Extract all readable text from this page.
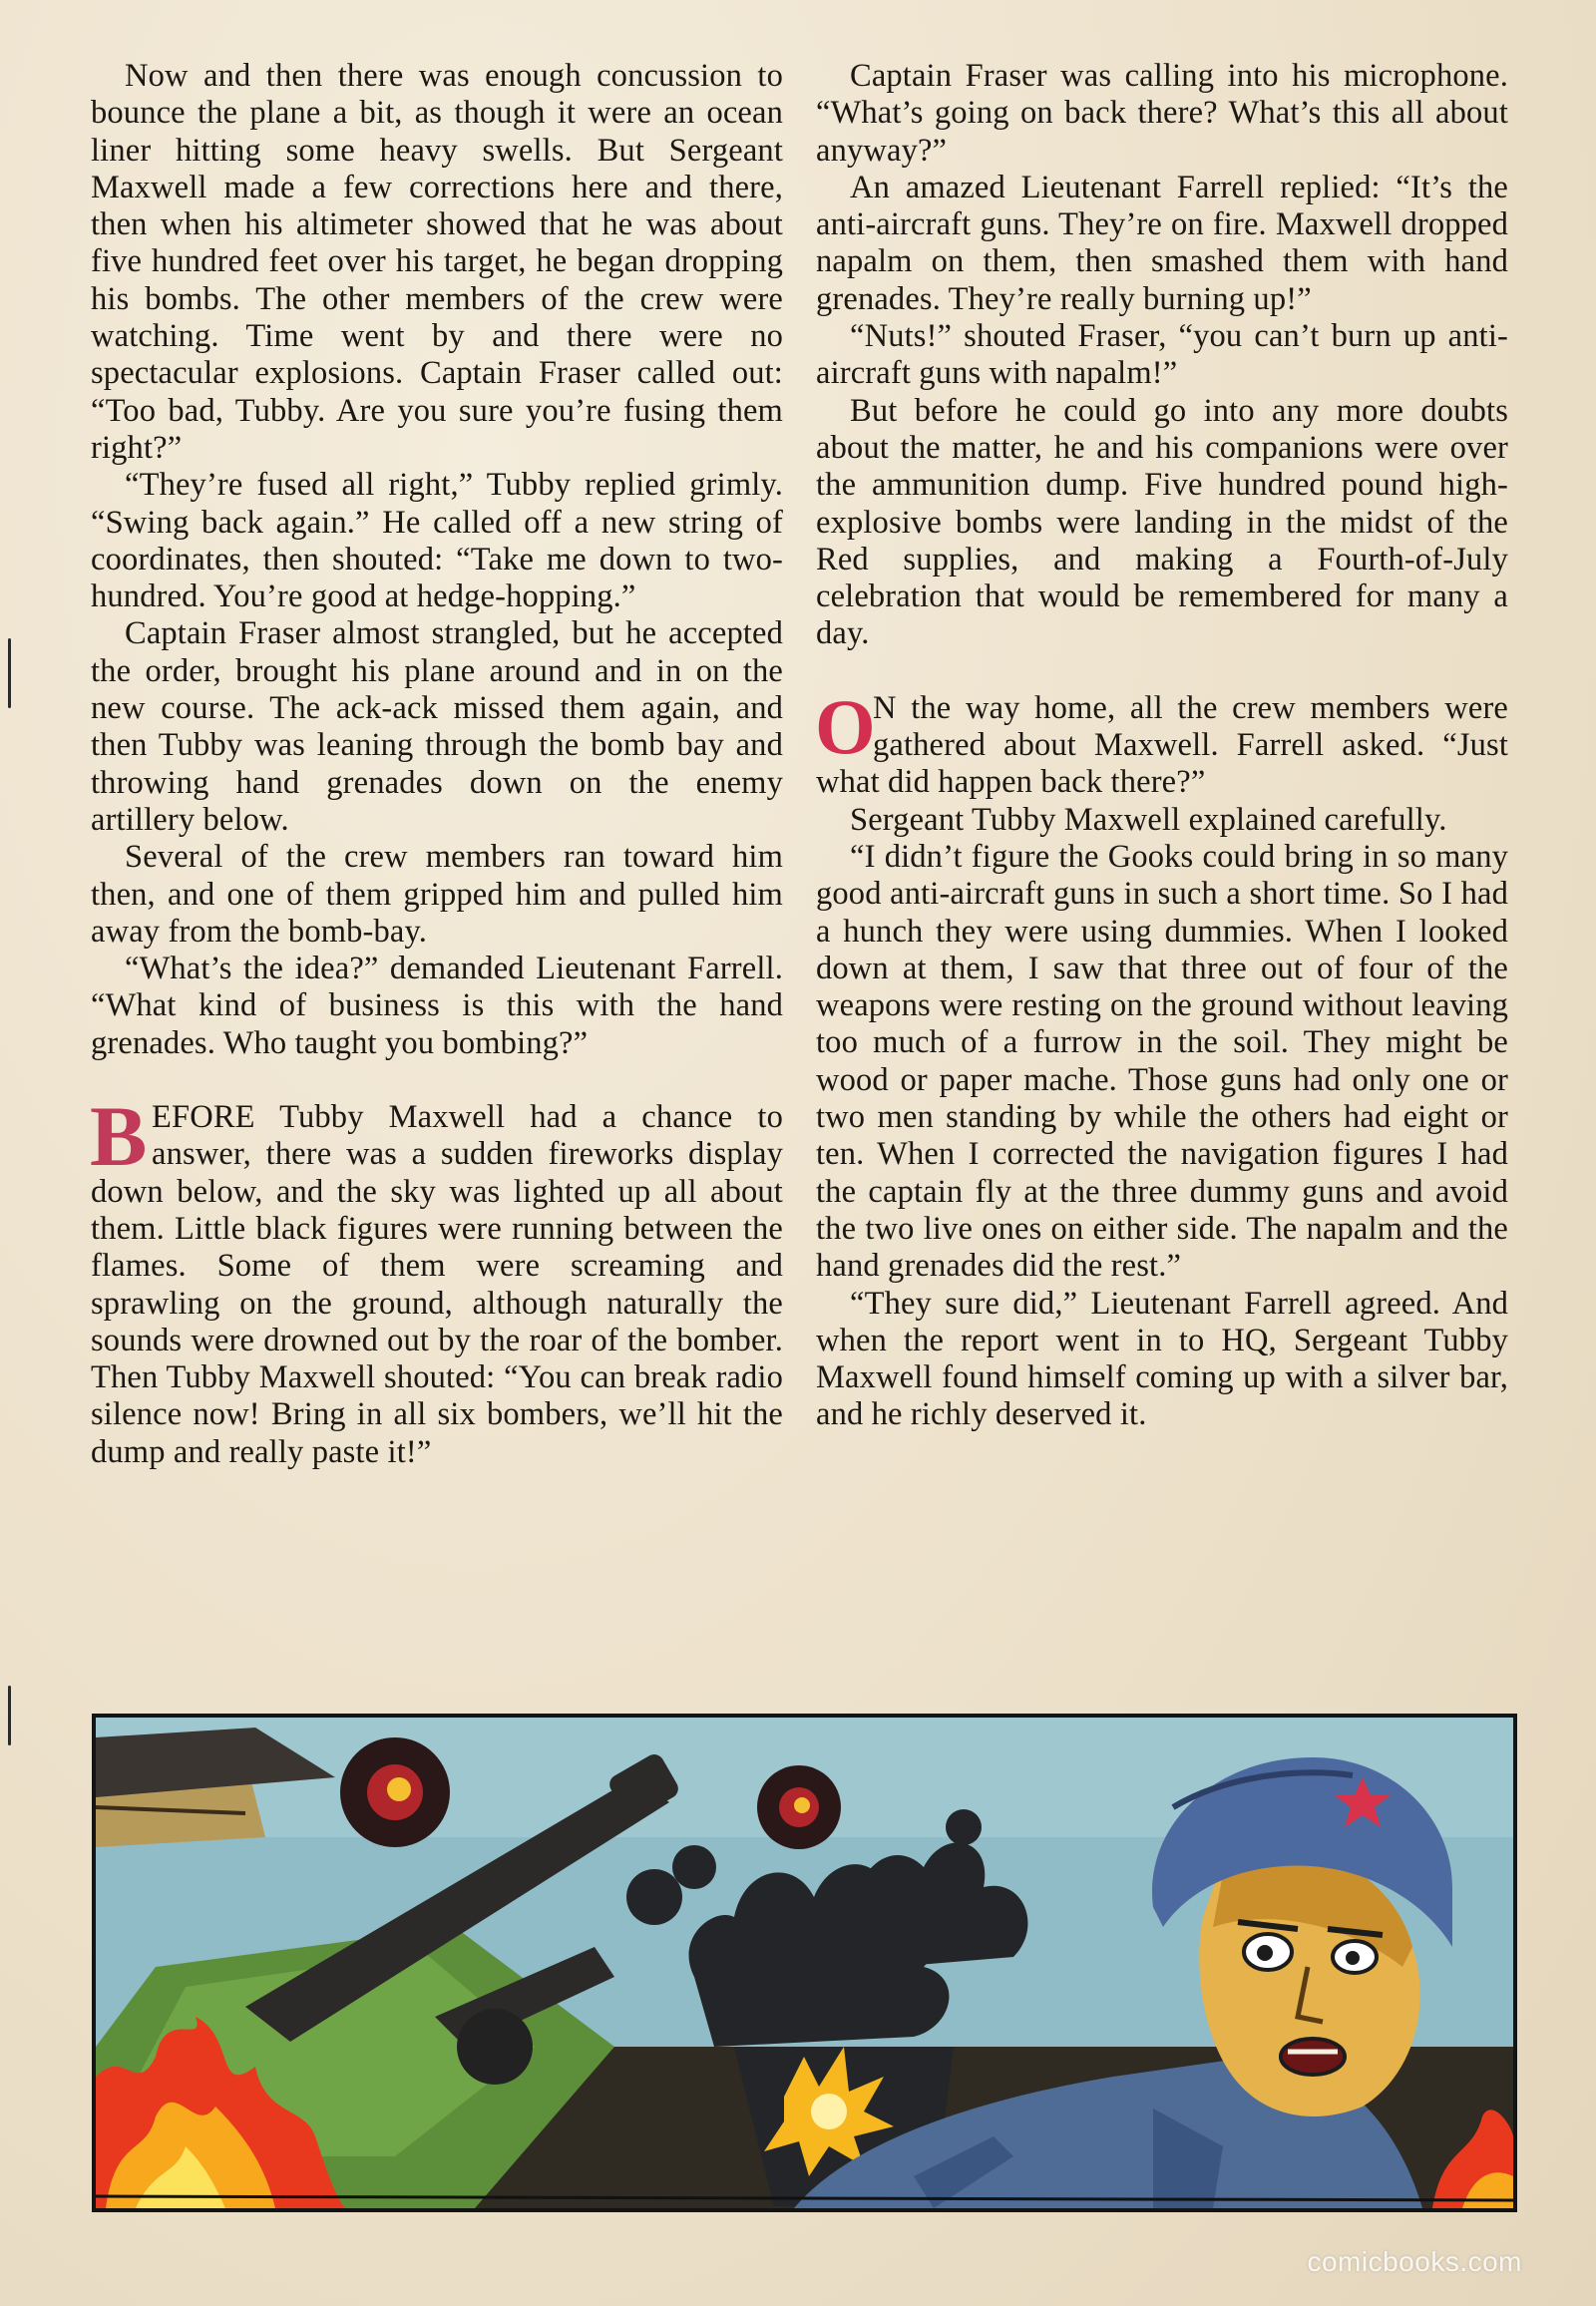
Now and then there was enough concussion to bounce the plane a bit, as though it were an ocean liner hitting some heavy swells. But Sergeant Maxwell made a few corrections here and there, then when his altimeter showed that he was about five hundred feet over his target, he began dropping his bombs. The other members of the crew were watching. Time went by and there were no spectacular explosions. Captain Fraser called out: “Too bad, Tubby. Are you sure you’re fusing them right?”

“They’re fused all right,” Tubby replied grimly. “Swing back again.” He called off a new string of coordinates, then shouted: “Take me down to two-hundred. You’re good at hedge-hopping.”

Captain Fraser almost strangled, but he accepted the order, brought his plane around and in on the new course. The ack-ack missed them again, and then Tubby was leaning through the bomb bay and throwing hand grenades down on the enemy artillery below.

Several of the crew members ran toward him then, and one of them gripped him and pulled him away from the bomb-bay.

“What’s the idea?” demanded Lieutenant Farrell. “What kind of business is this with the hand grenades. Who taught you bombing?”

BEFORE Tubby Maxwell had a chance to answer, there was a sudden fireworks display down below, and the sky was lighted up all about them. Little black figures were running between the flames. Some of them were screaming and sprawling on the ground, although naturally the sounds were drowned out by the roar of the bomber. Then Tubby Maxwell shouted: “You can break radio silence now! Bring in all six bombers, we’ll hit the dump and really paste it!”

Captain Fraser was calling into his microphone. “What’s going on back there? What’s this all about anyway?”

An amazed Lieutenant Farrell replied: “It’s the anti-aircraft guns. They’re on fire. Maxwell dropped napalm on them, then smashed them with hand grenades. They’re really burning up!”

“Nuts!” shouted Fraser, “you can’t burn up anti-aircraft guns with napalm!”

But before he could go into any more doubts about the matter, he and his companions were over the ammunition dump. Five hundred pound high-explosive bombs were landing in the midst of the Red supplies, and making a Fourth-of-July celebration that would be remembered for many a day.

O
N the way home, all the crew members were gathered about Maxwell. Farrell asked. “Just what did happen back there?”

Sergeant Tubby Maxwell explained carefully.

“I didn’t figure the Gooks could bring in so many good anti-aircraft guns in such a short time. So I had a hunch they were using dummies. When I looked down at them, I saw that three out of four of the weapons were resting on the ground without leaving too much of a furrow in the soil. They might be wood or paper mache. Those guns had only one or two men standing by while the others had eight or ten. When I corrected the navigation figures I had the captain fly at the three dummy guns and avoid the two live ones on either side. The napalm and the hand grenades did the rest.”

“They sure did,” Lieutenant Farrell agreed. And when the report went in to HQ, Sergeant Tubby Maxwell found himself coming up with a silver bar, and he richly deserved it.

comicbooks.com
